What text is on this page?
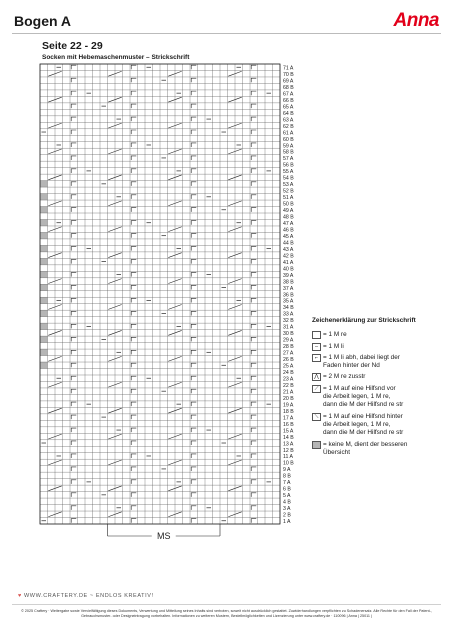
Bogen A	Anna
Seite 22 - 29
Socken mit Hebemaschenmuster – Strickschrift
1 A
2 B
3 A
4 B
5 A
6 B
7 A
8 B
9 A
10 B
11 A
12 B
13 A
14 B
15 A
16 B
17 A
18 B
19 A
20 B
21 A
22 B
23 A
24 B
25 A
26 B
27 A
28 B
29 A
30 B
31 A
32 B
33 A
34 B
35 A
36 B
37 A
38 B
39 A
40 B
41 A
42 B
43 A
44 B
45 A
46 B
47 A
48 B
49 A
50 B
51 A
52 B
53 A
54 B
55 A
56 B
57 A
58 B
59 A
60 B
61 A
62 B
63 A
64 B
65 A
66 B
67 A
68 B
69 A
70 B
71 A
MS
Zeichenerklärung zur Strickschrift
= 1 M re
– = 1 M li
⌐ = 1 M li abh, dabei liegt der
Faden hinter der Nd
⋀ = 2 M re zusstr
⟋ = 1 M auf eine Hilfsnd vor
die Arbeit legen, 1 M re,
dann die M der Hilfsnd re str
⟍ = 1 M auf eine Hilfsnd hinter
die Arbeit legen, 1 M re,
dann die M der Hilfsnd re str
= keine M, dient der besseren
Übersicht
♥ WWW.CRAFTERY.DE ~ ENDLOS KREATIV!
© 2025 Craftery · Weitergabe sowie Vervielfältigung dieses Dokuments, Verwertung und Mitteilung seines Inhalts sind verboten, soweit nicht ausdrücklich gestattet. Zuwiderhandlungen verpflichten zu Schadenersatz. Alle Rechte für den Fall der Patent-, Gebrauchsmuster- oder Designeintragung vorbehalten. Informationen zu weiteren Mustern, Bestellmöglichkeiten und Lizenzierung unter www.craftery.de · 110096 | Anna | 25011 |
